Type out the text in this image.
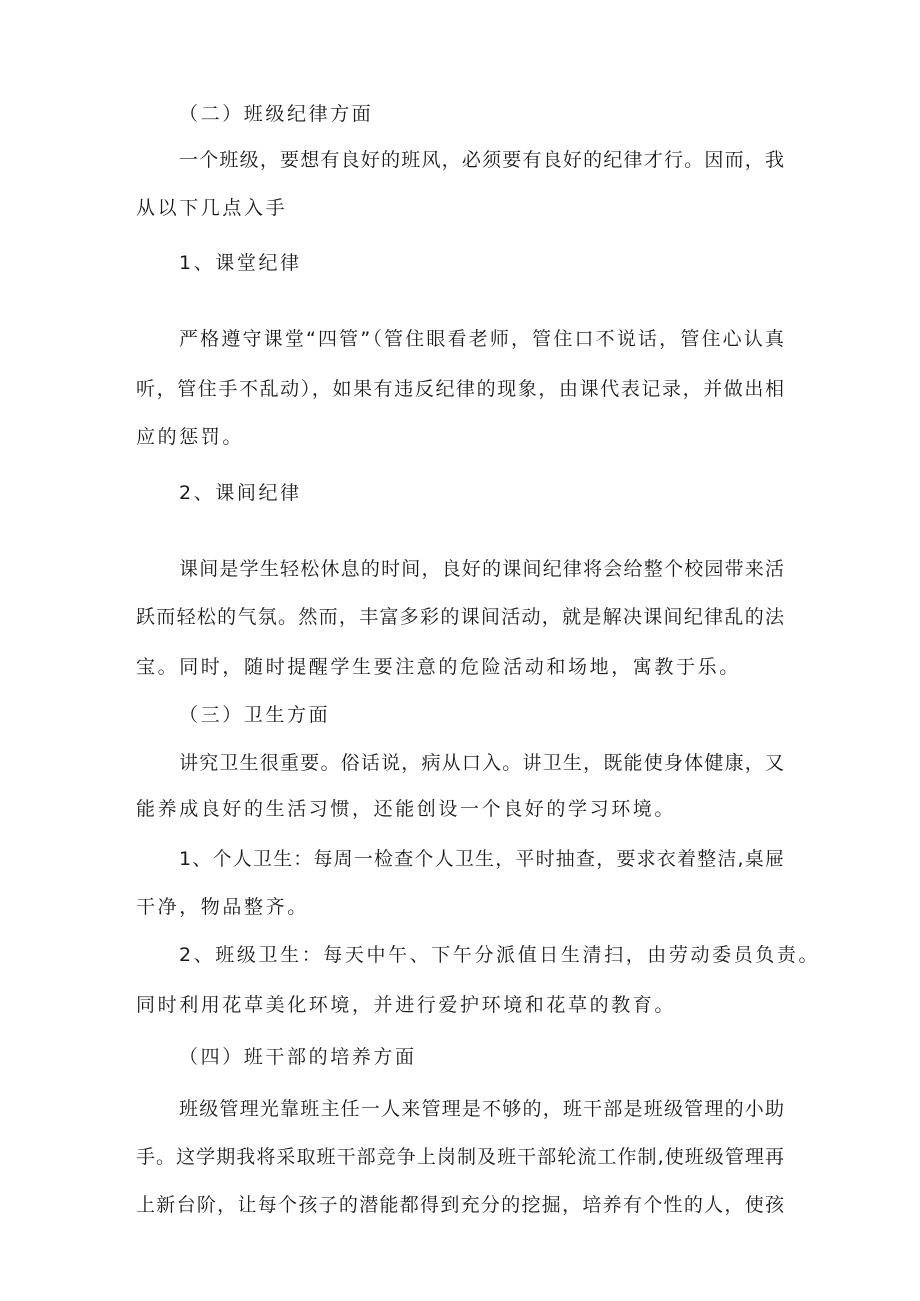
（二）班级纪律方面
一个班级，要想有良好的班风，必须要有良好的纪律才行。因而，我
从以下几点入手
1、课堂纪律
严格遵守课堂“四管”（管住眼看老师，管住口不说话，管住心认真
听，管住手不乱动），如果有违反纪律的现象，由课代表记录，并做出相
应的惩罚。
2、课间纪律
课间是学生轻松休息的时间，良好的课间纪律将会给整个校园带来活
跃而轻松的气氛。然而，丰富多彩的课间活动，就是解决课间纪律乱的法
宝。同时，随时提醒学生要注意的危险活动和场地，寓教于乐。
（三）卫生方面
讲究卫生很重要。俗话说，病从口入。讲卫生，既能使身体健康，又
能养成良好的生活习惯，还能创设一个良好的学习环境。
1、个人卫生：每周一检查个人卫生，平时抽查，要求衣着整洁,桌屉
干净，物品整齐。
2、班级卫生：每天中午、下午分派值日生清扫，由劳动委员负责。
同时利用花草美化环境，并进行爱护环境和花草的教育。
（四）班干部的培养方面
班级管理光靠班主任一人来管理是不够的，班干部是班级管理的小助
手。这学期我将采取班干部竞争上岗制及班干部轮流工作制,使班级管理再
上新台阶，让每个孩子的潜能都得到充分的挖掘，培养有个性的人，使孩
